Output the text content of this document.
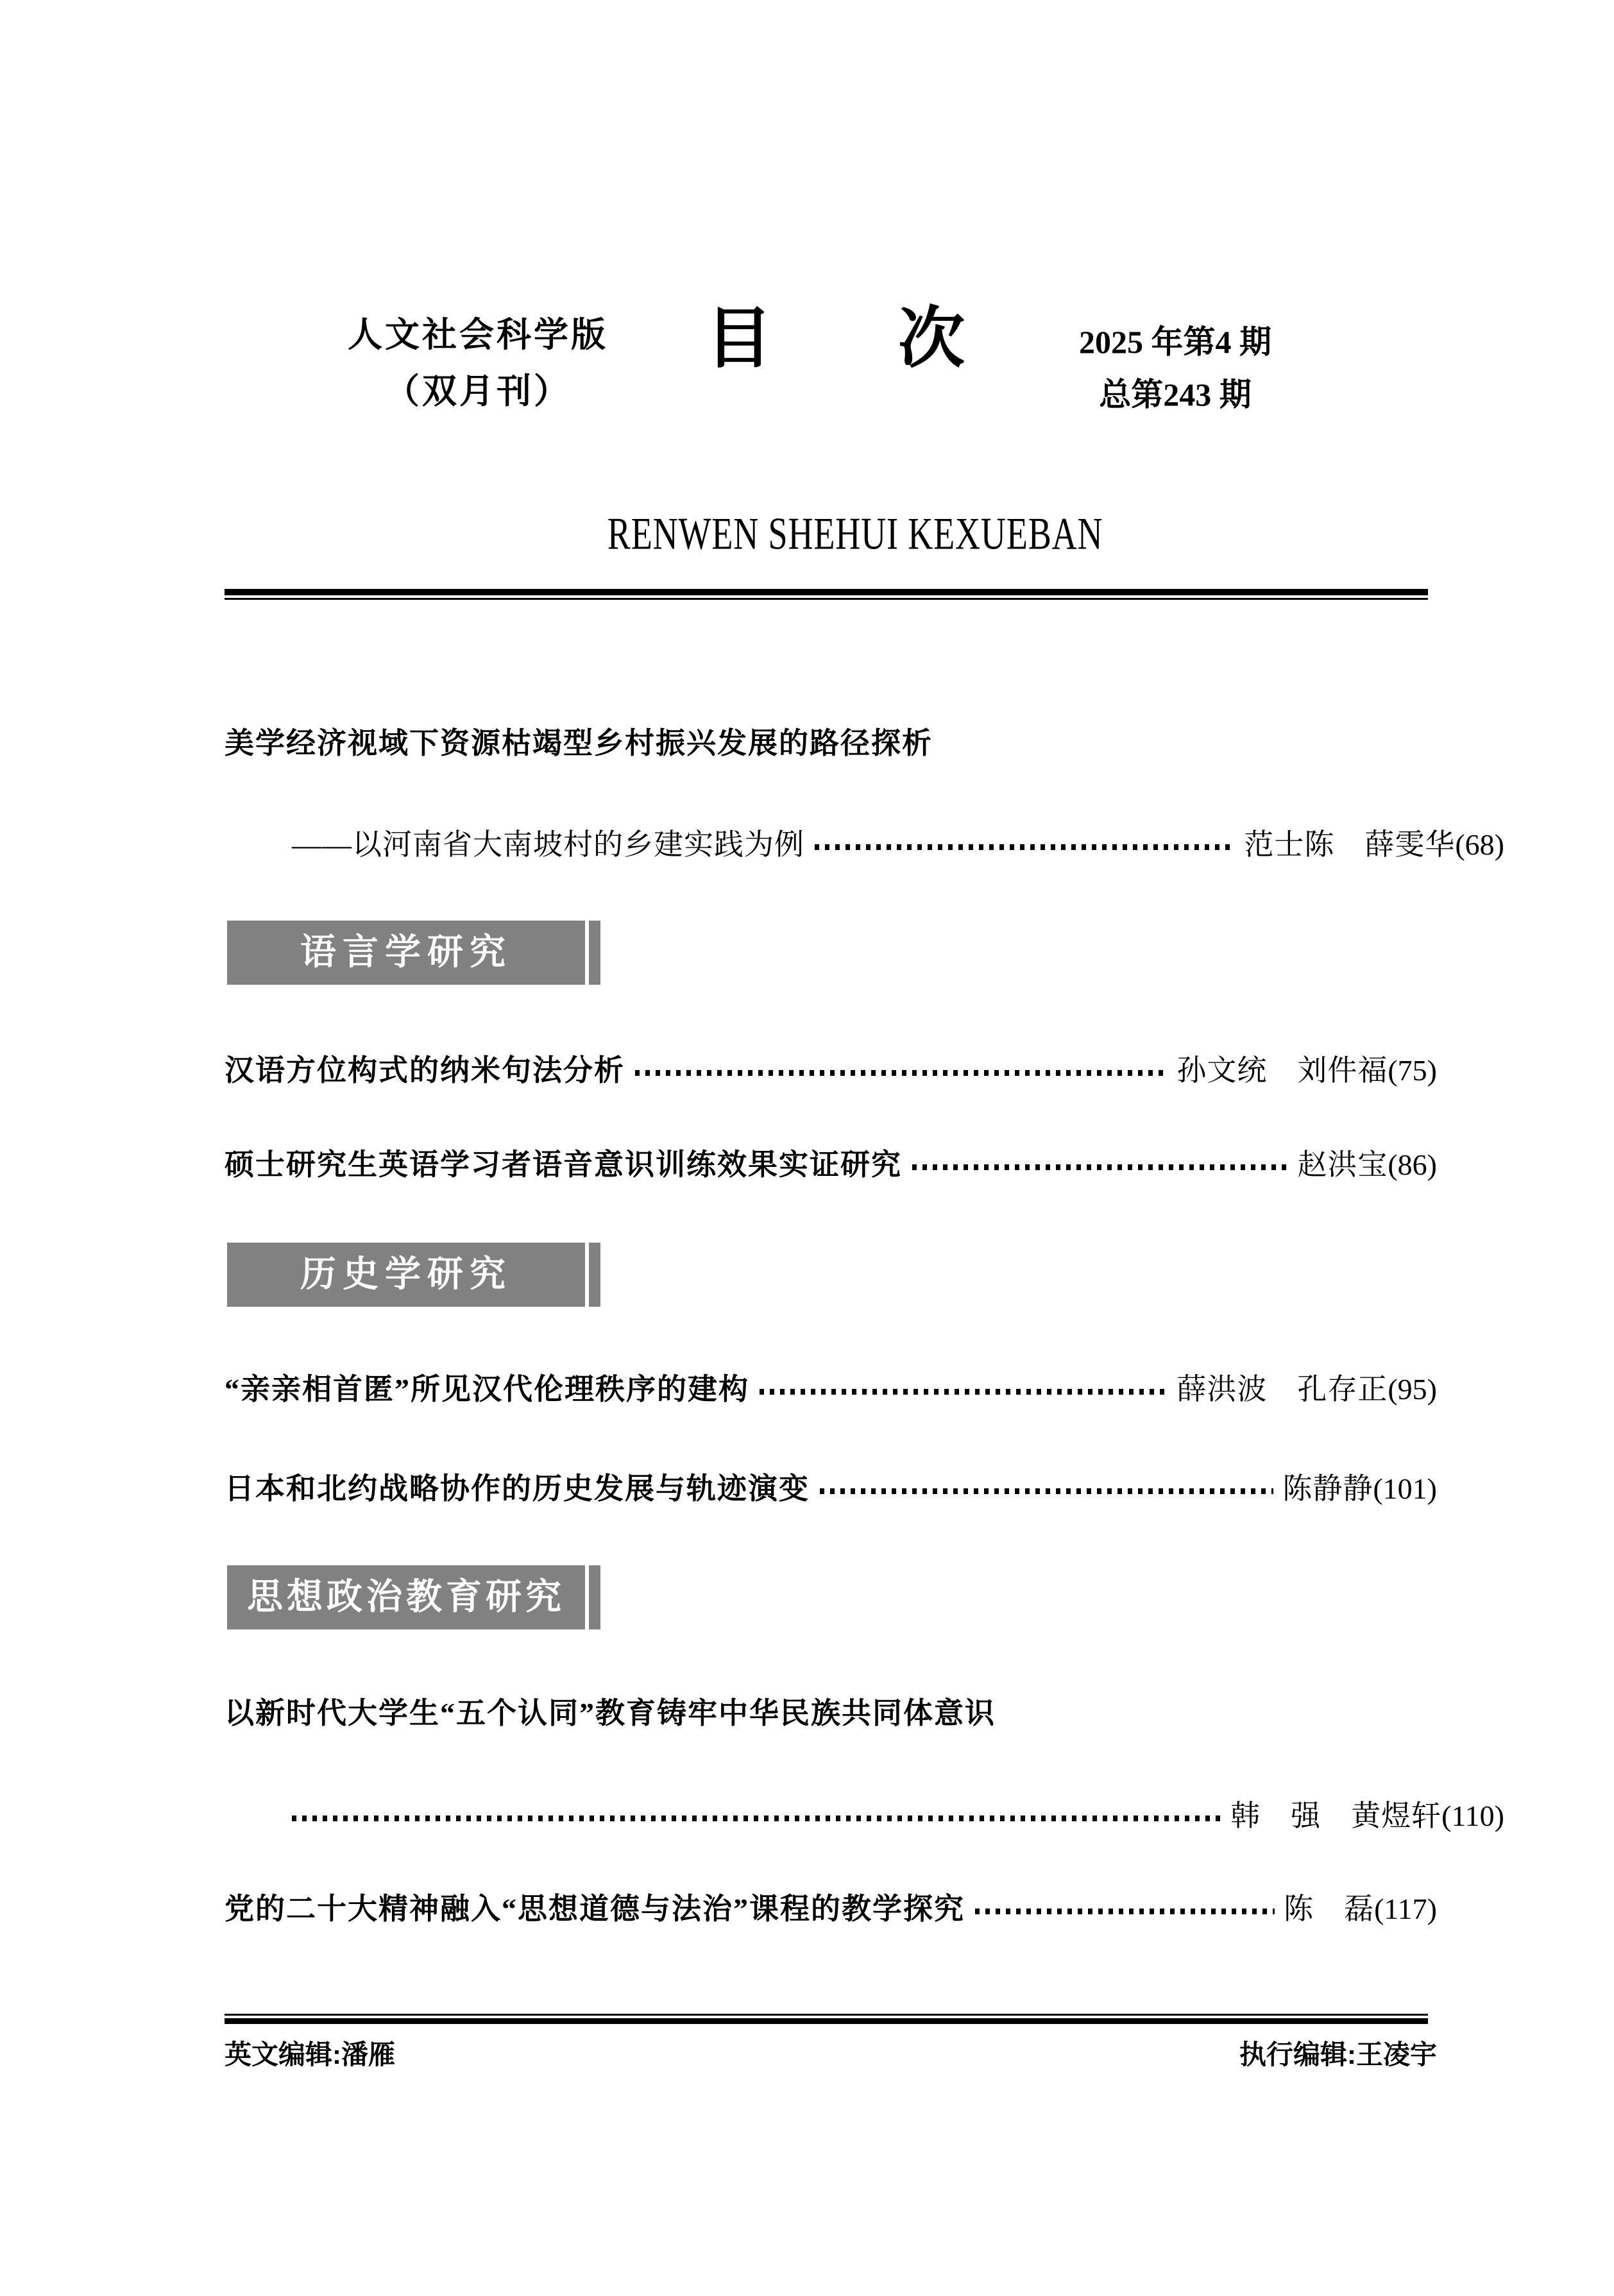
人文社会科学版
（双月刊）
目 次	2025 年第4 期
总第243 期
RENWEN SHEHUI KEXUEBAN
美学经济视域下资源枯竭型乡村振兴发展的路径探析
——以河南省大南坡村的乡建实践为例	范士陈　薛雯华 (68)
语言学研究
汉语方位构式的纳米句法分析	孙文统　刘件福 (75)
硕士研究生英语学习者语音意识训练效果实证研究	赵洪宝 (86)
历史学研究
“亲亲相首匿”所见汉代伦理秩序的建构	薛洪波　孔存正 (95)
日本和北约战略协作的历史发展与轨迹演变	陈静静 (101)
思想政治教育研究
以新时代大学生“五个认同”教育铸牢中华民族共同体意识
韩　强　黄煜轩 (110)
党的二十大精神融入“思想道德与法治”课程的教学探究	陈　磊 (117)
英文编辑:潘雁	执行编辑:王凌宇
